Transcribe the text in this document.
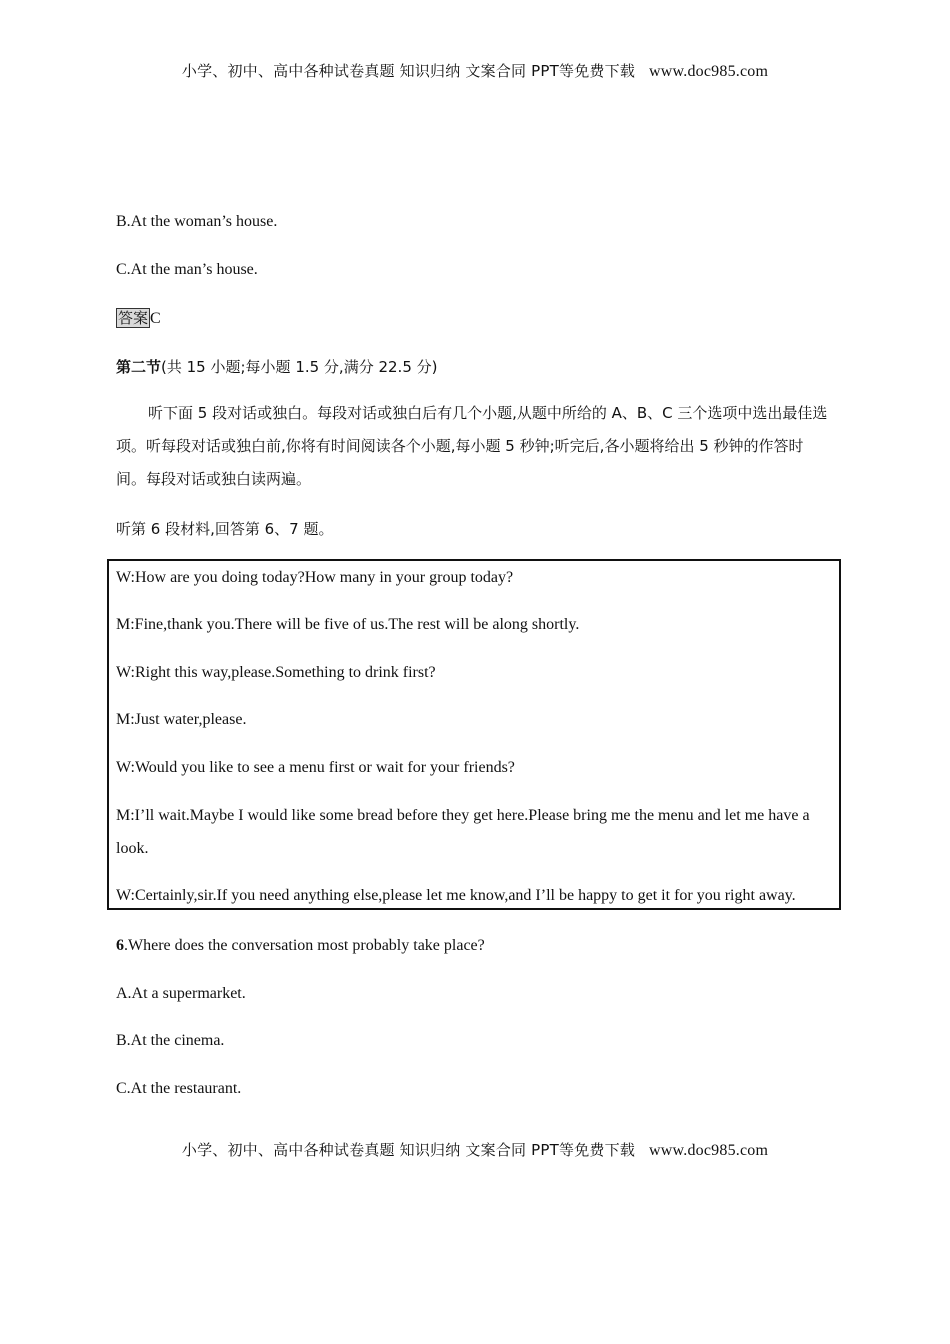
小学、初中、高中各种试卷真题 知识归纳 文案合同 PPT等免费下载 www.doc985.com
B.At the woman’s house.
C.At the man’s house.
答案 C
第二节(共 15 小题;每小题 1.5 分,满分 22.5 分)
听下面 5 段对话或独白。每段对话或独白后有几个小题,从题中所给的 A、B、C 三个选项中选出最佳选项。听每段对话或独白前,你将有时间阅读各个小题,每小题 5 秒钟;听完后,各小题将给出 5 秒钟的作答时间。每段对话或独白读两遍。
听第 6 段材料,回答第 6、7 题。
W:How are you doing today?How many in your group today?
M:Fine,thank you.There will be five of us.The rest will be along shortly.
W:Right this way,please.Something to drink first?
M:Just water,please.
W:Would you like to see a menu first or wait for your friends?
M:I’ll wait.Maybe I would like some bread before they get here.Please bring me the menu and let me have a look.
W:Certainly,sir.If you need anything else,please let me know,and I’ll be happy to get it for you right away.
6.Where does the conversation most probably take place?
A.At a supermarket.
B.At the cinema.
C.At the restaurant.
小学、初中、高中各种试卷真题 知识归纳 文案合同 PPT等免费下载 www.doc985.com
